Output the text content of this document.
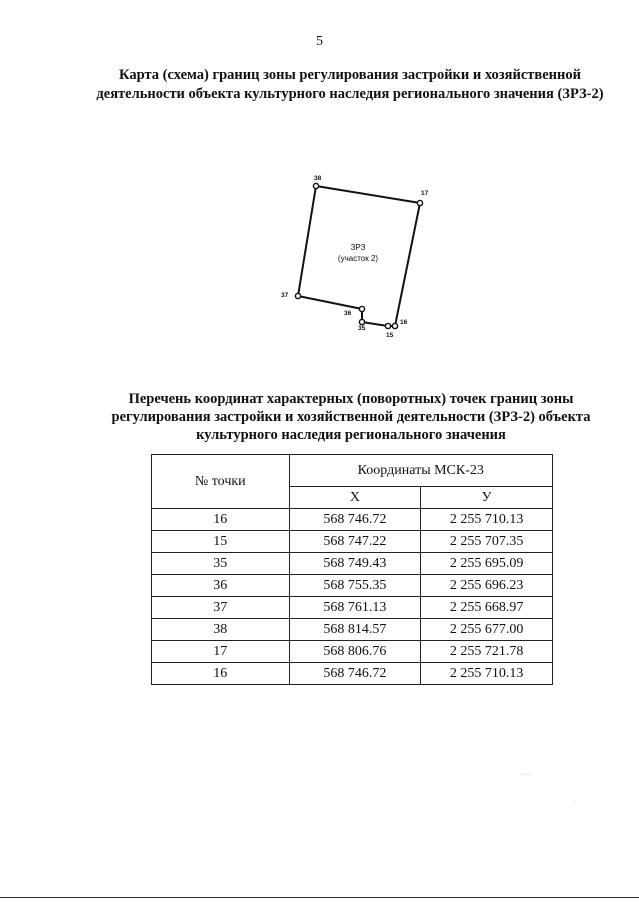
5
Карта (схема) границ зоны регулирования застройки и хозяйственной деятельности объекта культурного наследия регионального значения (ЗРЗ-2)
38
17
16
15
35
36
37
ЗРЗ
(участок 2)
Перечень координат характерных (поворотных) точек границ зоны регулирования застройки и хозяйственной деятельности (ЗРЗ-2) объекта культурного наследия регионального значения
№ точки	Координаты МСК-23	
	X	У
16	568 746.72	2 255 710.13
15	568 747.22	2 255 707.35
35	568 749.43	2 255 695.09
36	568 755.35	2 255 696.23
37	568 761.13	2 255 668.97
38	568 814.57	2 255 677.00
17	568 806.76	2 255 721.78
16	568 746.72	2 255 710.13
· · · ·
·
